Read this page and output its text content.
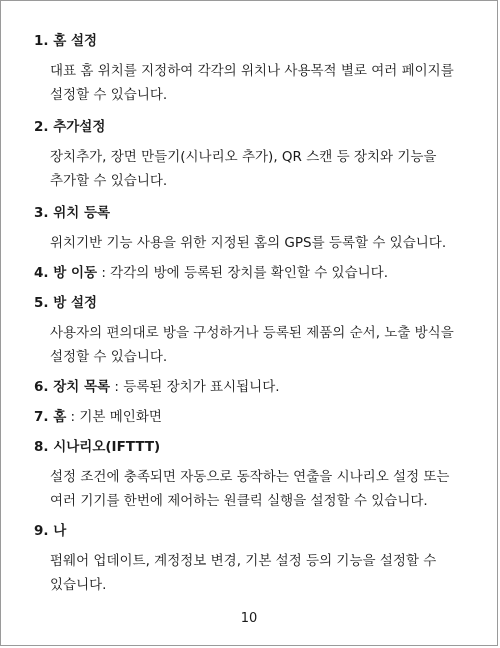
1. 홈 설정

대표 홈 위치를 지정하여 각각의 위치나 사용목적 별로 여러 페이지를

설정할 수 있습니다.

2. 추가설정

장치추가, 장면 만들기(시나리오 추가), QR 스캔 등 장치와 기능을

추가할 수 있습니다.

3. 위치 등록

위치기반 기능 사용을 위한 지정된 홈의 GPS를 등록할 수 있습니다.

4. 방 이동 : 각각의 방에 등록된 장치를 확인할 수 있습니다.

5. 방 설정

사용자의 편의대로 방을 구성하거나 등록된 제품의 순서, 노출 방식을

설정할 수 있습니다.

6. 장치 목록 : 등록된 장치가 표시됩니다.

7. 홈 : 기본 메인화면

8. 시나리오(IFTTT)

설정 조건에 충족되면 자동으로 동작하는 연출을 시나리오 설정 또는

여러 기기를 한번에 제어하는 원클릭 실행을 설정할 수 있습니다.

9. 나

펌웨어 업데이트, 계정정보 변경, 기본 설정 등의 기능을 설정할 수

있습니다.

10
